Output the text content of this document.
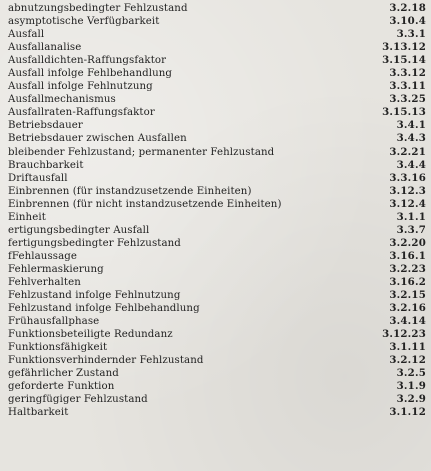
abnutzungsbedingter Fehlzustand	3.2.18
asymptotische Verfügbarkeit	3.10.4
Ausfall	3.3.1
Ausfallanalise	3.13.12
Ausfalldichten-Raffungsfaktor	3.15.14
Ausfall infolge Fehlbehandlung	3.3.12
Ausfall infolge Fehlnutzung	3.3.11
Ausfallmechanismus	3.3.25
Ausfallraten-Raffungsfaktor	3.15.13
Betriebsdauer	3.4.1
Betriebsdauer zwischen Ausfallen	3.4.3
bleibender Fehlzustand; permanenter Fehlzustand	3.2.21
Brauchbarkeit	3.4.4
Driftausfall	3.3.16
Einbrennen (für instandzusetzende Einheiten)	3.12.3
Einbrennen (für nicht instandzusetzende Einheiten)	3.12.4
Einheit	3.1.1
ertigungsbedingter Ausfall	3.3.7
fertigungsbedingter Fehlzustand	3.2.20
fFehlaussage	3.16.1
Fehlermaskierung	3.2.23
Fehlverhalten	3.16.2
Fehlzustand infolge Fehlnutzung	3.2.15
Fehlzustand infolge Fehlbehandlung	3.2.16
Frühausfallphase	3.4.14
Funktionsbeteiligte Redundanz	3.12.23
Funktionsfähigkeit	3.1.11
Funktionsverhindernder Fehlzustand	3.2.12
gefährlicher Zustand	3.2.5
geforderte Funktion	3.1.9
geringfügiger Fehlzustand	3.2.9
Haltbarkeit	3.1.12
